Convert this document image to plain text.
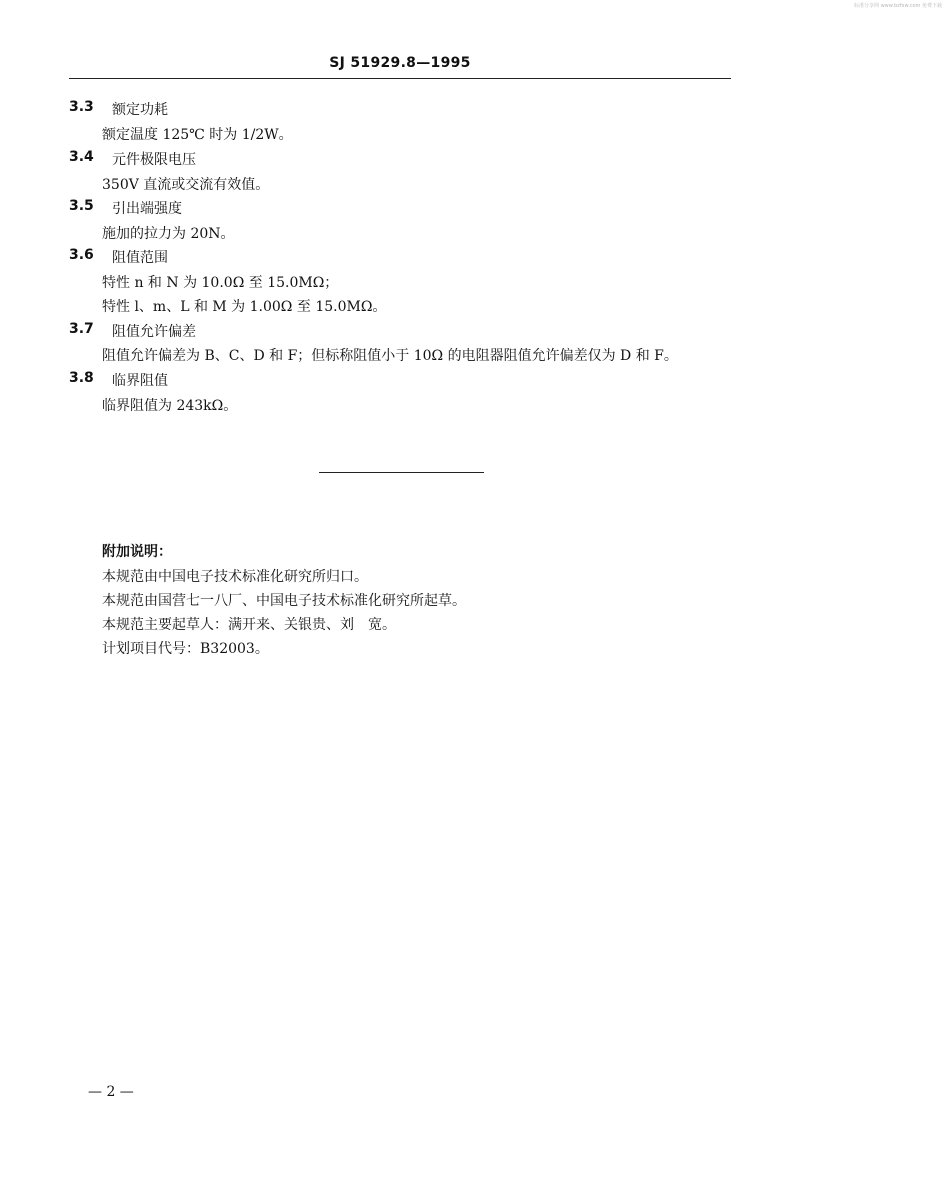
标准分享网 www.bzfxw.com 免费下载
SJ 51929.8—1995
3.3 额定功耗
额定温度 125℃ 时为 1/2W。
3.4 元件极限电压
350V 直流或交流有效值。
3.5 引出端强度
施加的拉力为 20N。
3.6 阻值范围
特性 n 和 N 为 10.0Ω 至 15.0MΩ；
特性 l、m、L 和 M 为 1.00Ω 至 15.0MΩ。
3.7 阻值允许偏差
阻值允许偏差为 B、C、D 和 F；但标称阻值小于 10Ω 的电阻器阻值允许偏差仅为 D 和 F。
3.8 临界阻值
临界阻值为 243kΩ。
附加说明：
本规范由中国电子技术标准化研究所归口。
本规范由国营七一八厂、中国电子技术标准化研究所起草。
本规范主要起草人：满开来、关银贵、刘　宽。
计划项目代号：B32003。
— 2 —
